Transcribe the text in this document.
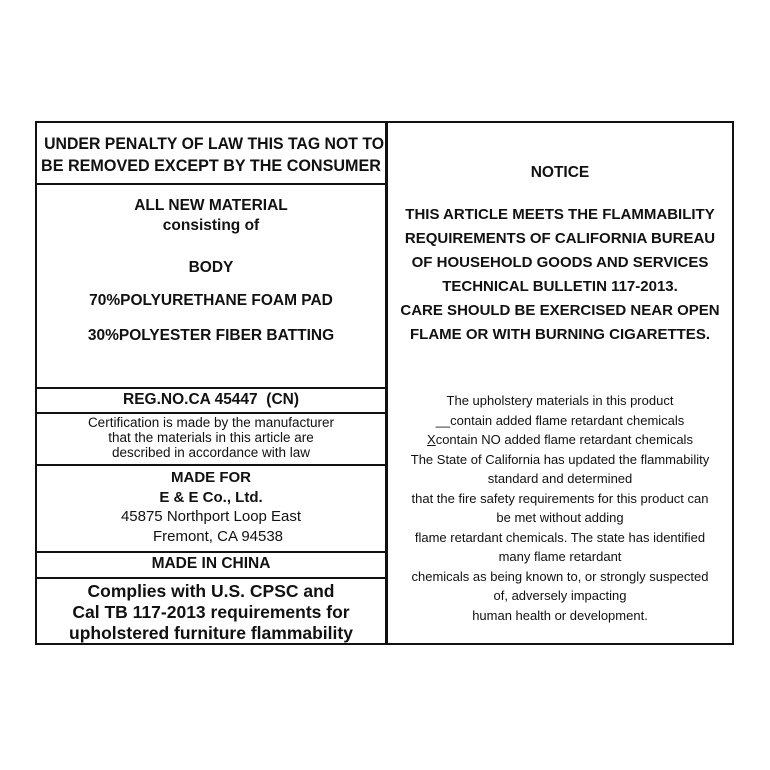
UNDER PENALTY OF LAW THIS TAG NOT TO
BE REMOVED EXCEPT BY THE CONSUMER
ALL NEW MATERIAL
consisting of
BODY
70%POLYURETHANE FOAM PAD
30%POLYESTER FIBER BATTING
REG.NO.CA 45447  (CN)
Certification is made by the manufacturer
that the materials in this article are
described in accordance with law
MADE FOR
E & E Co., Ltd.
45875 Northport Loop East
Fremont, CA 94538
MADE IN CHINA
Complies with U.S. CPSC and
Cal TB 117-2013 requirements for
upholstered furniture flammability
NOTICE
THIS ARTICLE MEETS THE FLAMMABILITY
REQUIREMENTS OF CALIFORNIA BUREAU
OF HOUSEHOLD GOODS AND SERVICES
TECHNICAL BULLETIN 117-2013.
CARE SHOULD BE EXERCISED NEAR OPEN
FLAME OR WITH BURNING CIGARETTES.
The upholstery materials in this product
__contain added flame retardant chemicals
Xcontain NO added flame retardant chemicals
The State of California has updated the flammability
standard and determined
that the fire safety requirements for this product can
be met without adding
flame retardant chemicals. The state has identified
many flame retardant
chemicals as being known to, or strongly suspected
of, adversely impacting
human health or development.
